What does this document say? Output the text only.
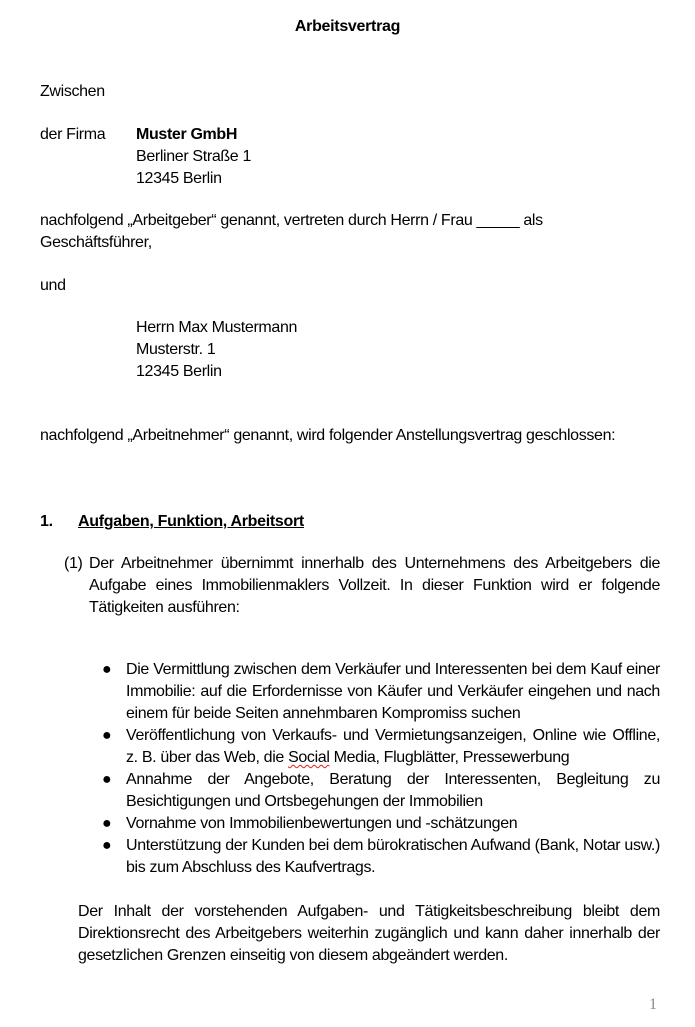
Arbeitsvertrag
Zwischen
der Firma Muster GmbH
Berliner Straße 1
12345 Berlin
nachfolgend „Arbeitgeber“ genannt, vertreten durch Herrn / Frau _____ als
Geschäftsführer,
und
Herrn Max Mustermann
Musterstr. 1
12345 Berlin
nachfolgend „Arbeitnehmer“ genannt, wird folgender Anstellungsvertrag geschlossen:
1. Aufgaben, Funktion, Arbeitsort
(1) Der Arbeitnehmer übernimmt innerhalb des Unternehmens des Arbeitgebers die Aufgabe eines Immobilienmaklers Vollzeit. In dieser Funktion wird er folgende Tätigkeiten ausführen:
● Die Vermittlung zwischen dem Verkäufer und Interessenten bei dem Kauf einer Immobilie: auf die Erfordernisse von Käufer und Verkäufer eingehen und nach einem für beide Seiten annehmbaren Kompromiss suchen
● Veröffentlichung von Verkaufs- und Vermietungsanzeigen, Online wie Offline, z. B. über das Web, die Social Media, Flugblätter, Pressewerbung
● Annahme der Angebote, Beratung der Interessenten, Begleitung zu Besichtigungen und Ortsbegehungen der Immobilien
● Vornahme von Immobilienbewertungen und -schätzungen
● Unterstützung der Kunden bei dem bürokratischen Aufwand (Bank, Notar usw.) bis zum Abschluss des Kaufvertrags.
Der Inhalt der vorstehenden Aufgaben- und Tätigkeitsbeschreibung bleibt dem Direktionsrecht des Arbeitgebers weiterhin zugänglich und kann daher innerhalb der gesetzlichen Grenzen einseitig von diesem abgeändert werden.
1
